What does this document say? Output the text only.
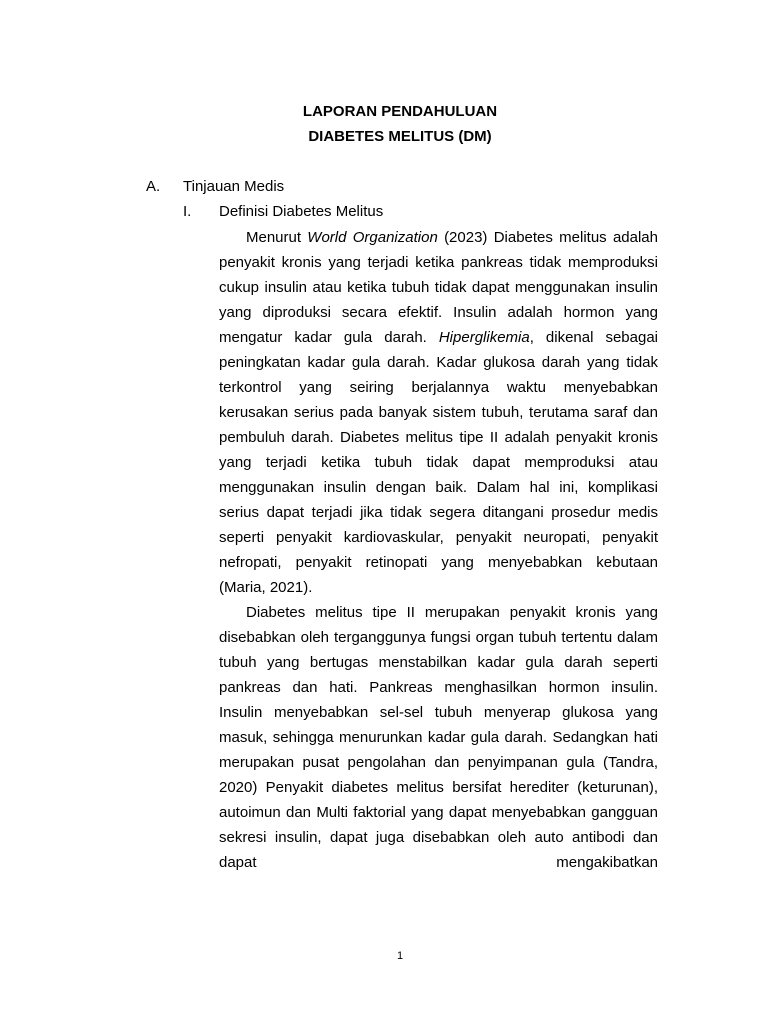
LAPORAN PENDAHULUAN

DIABETES MELITUS (DM)

A. Tinjauan Medis
I. Definisi Diabetes Melitus

Menurut World Organization (2023) Diabetes melitus adalah penyakit kronis yang terjadi ketika pankreas tidak memproduksi cukup insulin atau ketika tubuh tidak dapat menggunakan insulin yang diproduksi secara efektif. Insulin adalah hormon yang mengatur kadar gula darah. Hiperglikemia, dikenal sebagai peningkatan kadar gula darah. Kadar glukosa darah yang tidak terkontrol yang seiring berjalannya waktu menyebabkan kerusakan serius pada banyak sistem tubuh, terutama saraf dan pembuluh darah. Diabetes melitus tipe II adalah penyakit kronis yang terjadi ketika tubuh tidak dapat memproduksi atau menggunakan insulin dengan baik. Dalam hal ini, komplikasi serius dapat terjadi jika tidak segera ditangani prosedur medis seperti penyakit kardiovaskular, penyakit neuropati, penyakit nefropati, penyakit retinopati yang menyebabkan kebutaan (Maria, 2021).

Diabetes melitus tipe II merupakan penyakit kronis yang disebabkan oleh terganggunya fungsi organ tubuh tertentu dalam tubuh yang bertugas menstabilkan kadar gula darah seperti pankreas dan hati. Pankreas menghasilkan hormon insulin. Insulin menyebabkan sel-sel tubuh menyerap glukosa yang masuk, sehingga menurunkan kadar gula darah. Sedangkan hati merupakan pusat pengolahan dan penyimpanan gula (Tandra, 2020) Penyakit diabetes melitus bersifat herediter (keturunan), autoimun dan Multi faktorial yang dapat menyebabkan gangguan sekresi insulin, dapat juga disebabkan oleh auto antibodi dan dapat mengakibatkan

1
